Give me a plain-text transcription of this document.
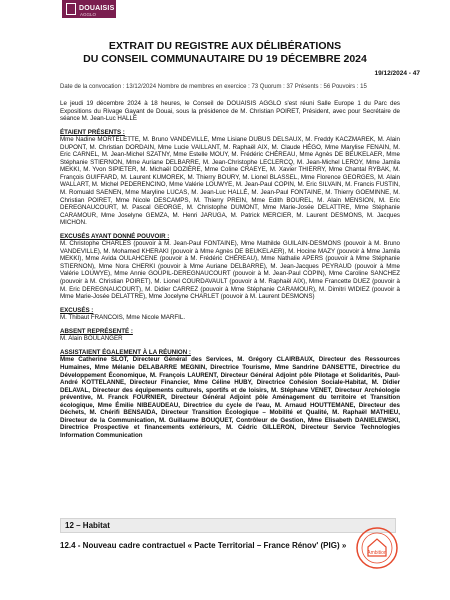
DOUAISIS
AGGLO
EXTRAIT DU REGISTRE AUX DÉLIBÉRATIONS
DU CONSEIL COMMUNAUTAIRE DU 19 DÉCEMBRE 2024
19/12/2024 - 47
Date de la convocation : 13/12/2024 Nombre de membres en exercice : 73 Quorum : 37 Présents : 56 Pouvoirs : 15

Le jeudi 19 décembre 2024 à 18 heures, le Conseil de DOUAISIS AGGLO s'est réuni Salle Europe 1 du Parc des Expositions du Rivage Gayant de Douai, sous la présidence de M. Christian POIRET, Président, avec pour Secrétaire de séance M. Jean-Luc HALLÉ

ÉTAIENT PRÉSENTS :

Mme Nadine MORTELETTE, M. Bruno VANDEVILLE, Mme Lisiane DUBUS DELSAUX, M. Freddy KACZMAREK, M. Alain DUPONT, M. Christian DORDAIN, Mme Lucie VAILLANT, M. Raphaël AIX, M. Claude HÉGO, Mme Marylise FENAIN, M. Eric CARNEL, M. Jean-Michel SZATNY, Mme Estelle MOUY, M. Frédéric CHÉREAU, Mme Agnès DE BEUKELAER, Mme Stéphanie STIERNON, Mme Auriane DELBARRE, M. Jean-Christophe LECLERCQ, M. Jean-Michel LEROY, Mme Jamila MEKKI, M. Yvon SIPIETER, M. Michaël DOZIÈRE, Mme Coline CRAEYE, M. Xavier THIERRY, Mme Chantal RYBAK, M. François GUIFFARD, M. Laurent KUMOREK, M. Thierry BOURY, M. Lionel BLASSEL, Mme Florence GEORGES, M. Alain WALLART, M. Michel PEDERENCINO, Mme Valérie LOUWYE, M. Jean-Paul COPIN, M. Eric SILVAIN, M. Francis FUSTIN, M. Romuald SAENEN, Mme Maryline LUCAS, M. Jean-Luc HALLÉ, M. Jean-Paul FONTAINE, M. Thierry GOEMINNE, M. Christian POIRET, Mme Nicole DESCAMPS, M. Thierry PREIN, Mme Edith BOUREL, M. Alain MENSION, M. Eric DEREGNAUCOURT, M. Pascal GEORGE, M. Christophe DUMONT, Mme Marie-Josée DELATTRE, Mme Stéphanie CARAMOUR, Mme Joselyne GEMZA, M. Henri JARUGA, M. Patrick MERCIER, M. Laurent DESMONS, M. Jacques MICHON.

EXCUSÉS AYANT DONNÉ POUVOIR :

M. Christophe CHARLES (pouvoir à M. Jean-Paul FONTAINE), Mme Mathilde GUILAIN-DESMONS (pouvoir à M. Bruno VANDEVILLE), M. Mohamed KHERAKI (pouvoir à Mme Agnès DE BEUKELAER), M. Hocine MAZY (pouvoir à Mme Jamila MEKKI), Mme Avida OULAHCENE (pouvoir à M. Frédéric CHÉREAU), Mme Nathalie APERS (pouvoir à Mme Stéphanie STIERNON), Mme Nora CHERKI (pouvoir à Mme Auriane DELBARRE), M. Jean-Jacques PEYRAUD (pouvoir à Mme Valérie LOUWYE), Mme Annie GOUPIL-DEREGNAUCOURT (pouvoir à M. Jean-Paul COPIN), Mme Caroline SANCHEZ (pouvoir à M. Christian POIRET), M. Lionel COURDAVAULT (pouvoir à M. Raphaël AIX), Mme Francette DUEZ (pouvoir à M. Eric DEREGNAUCOURT), M. Didier CARREZ (pouvoir à Mme Stéphanie CARAMOUR), M. Dimitri WIDIEZ (pouvoir à Mme Marie-Josée DELATTRE), Mme Jocelyne CHARLET (pouvoir à M. Laurent DESMONS)

EXCUSÉS :

M. Thibaut FRANCOIS, Mme Nicole MARFIL.

ABSENT REPRÉSENTÉ :

M. Alain BOULANGER

ASSISTAIENT ÉGALEMENT À LA RÉUNION :

Mme Catherine SLOT, Directeur Général des Services, M. Grégory CLAIRBAUX, Directeur des Ressources Humaines, Mme Mélanie DELABARRE MEGNIN, Directrice Tourisme, Mme Sandrine DANSETTE, Directrice du Développement Économique, M. François LAURENT, Directeur Général Adjoint pôle Pilotage et Solidarités, Paul-André KOTTELANNE, Directeur Financier, Mme Céline HUBY, Directrice Cohésion Sociale-Habitat, M. Didier DELAVAL, Directeur des équipements culturels, sportifs et de loisirs, M. Stéphane VENET, Directeur Archéologie préventive, M. Franck FOURNIER, Directeur Général Adjoint pôle Aménagement du territoire et Transition écologique, Mme Émilie NIBEAUDEAU, Directrice du cycle de l'eau, M. Arnaud HOUTTEMANE, Directeur des Déchets, M. Chérifi BENSAIDA, Directeur Transition Écologique – Mobilité et Qualité, M. Raphaël MATHIEU, Directeur de la Communication, M. Guillaume BOUQUET, Contrôleur de Gestion, Mme Elisabeth DANIELEWSKI, Directrice Prospective et financements extérieurs, M. Cédric GILLERON, Directeur Service Technologies Information Communication

12 – Habitat
12.4 - Nouveau cadre contractuel « Pacte Territorial – France Rénov' (PIG) »
Ambition
